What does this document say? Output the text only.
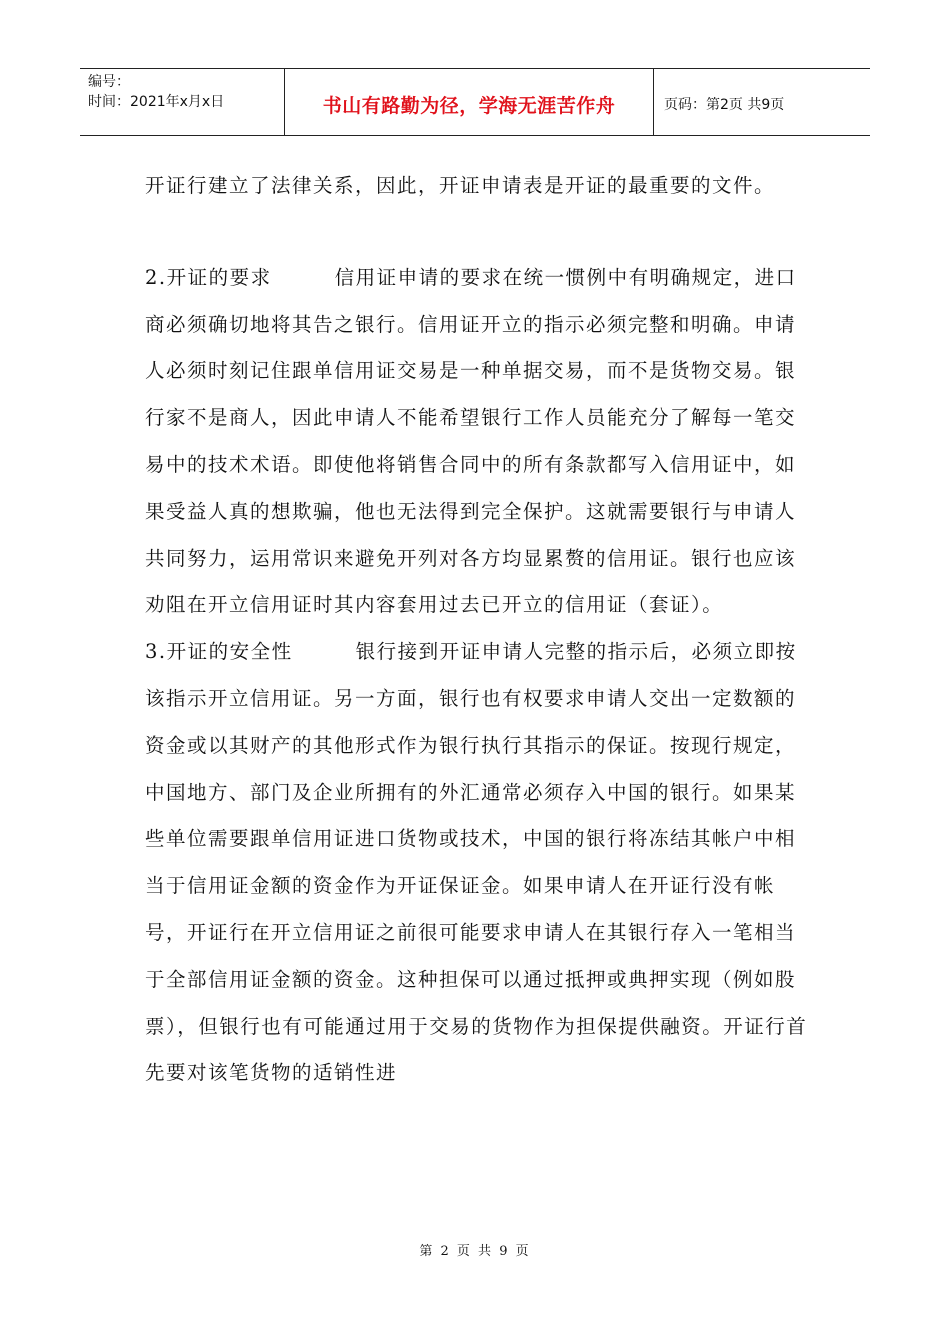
编号：
时间：2021年x月x日	书山有路勤为径，学海无涯苦作舟	页码：第2页 共9页

开证行建立了法律关系，因此，开证申请表是开证的最重要的文件。

2.开证的要求　　　信用证申请的要求在统一惯例中有明确规定，进口商必须确切地将其告之银行。信用证开立的指示必须完整和明确。申请人必须时刻记住跟单信用证交易是一种单据交易，而不是货物交易。银行家不是商人，因此申请人不能希望银行工作人员能充分了解每一笔交易中的技术术语。即使他将销售合同中的所有条款都写入信用证中，如果受益人真的想欺骗，他也无法得到完全保护。这就需要银行与申请人共同努力，运用常识来避免开列对各方均显累赘的信用证。银行也应该劝阻在开立信用证时其内容套用过去已开立的信用证（套证）。

3.开证的安全性　　　银行接到开证申请人完整的指示后，必须立即按该指示开立信用证。另一方面，银行也有权要求申请人交出一定数额的资金或以其财产的其他形式作为银行执行其指示的保证。按现行规定，中国地方、部门及企业所拥有的外汇通常必须存入中国的银行。如果某些单位需要跟单信用证进口货物或技术，中国的银行将冻结其帐户中相当于信用证金额的资金作为开证保证金。如果申请人在开证行没有帐号，开证行在开立信用证之前很可能要求申请人在其银行存入一笔相当于全部信用证金额的资金。这种担保可以通过抵押或典押实现（例如股票），但银行也有可能通过用于交易的货物作为担保提供融资。开证行首先要对该笔货物的适销性进

第 2 页 共 9 页
